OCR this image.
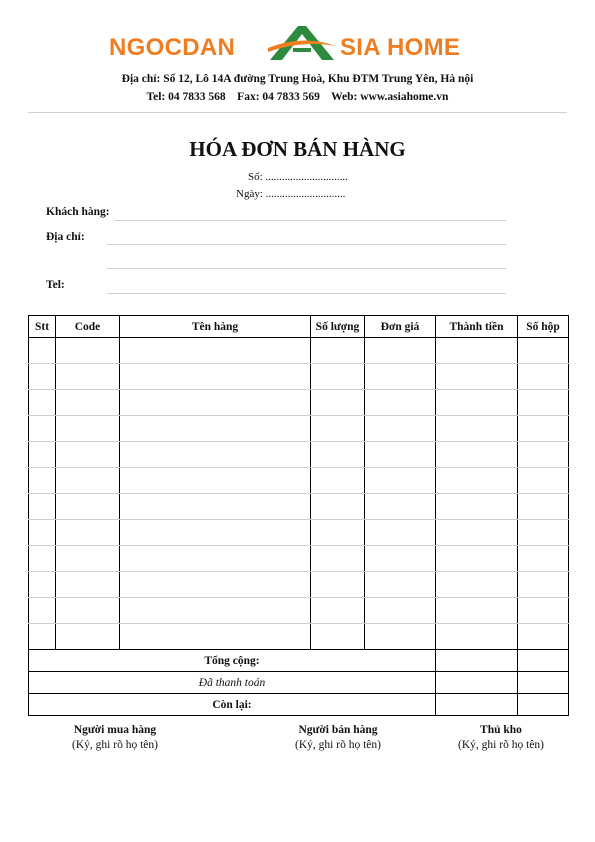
NGOCDAN	SIA HOME
Địa chỉ: Số 12, Lô 14A đường Trung Hoà, Khu ĐTM Trung Yên, Hà nội
Tel: 04 7833 568    Fax: 04 7833 569    Web: www.asiahome.vn
HÓA ĐƠN BÁN HÀNG
Số: ..............................
Ngày: .............................
Khách hàng:
Địa chỉ:
Tel:
Stt	Code	Tên hàng	Số lượng	Đơn giá	Thành tiền	Số hộp

Tổng cộng:						
Đã thanh toán						
Còn lại:						
Người mua hàng
(Ký, ghi rõ họ tên)
Người bán hàng
(Ký, ghi rõ họ tên)
Thủ kho
(Ký, ghi rõ họ tên)
